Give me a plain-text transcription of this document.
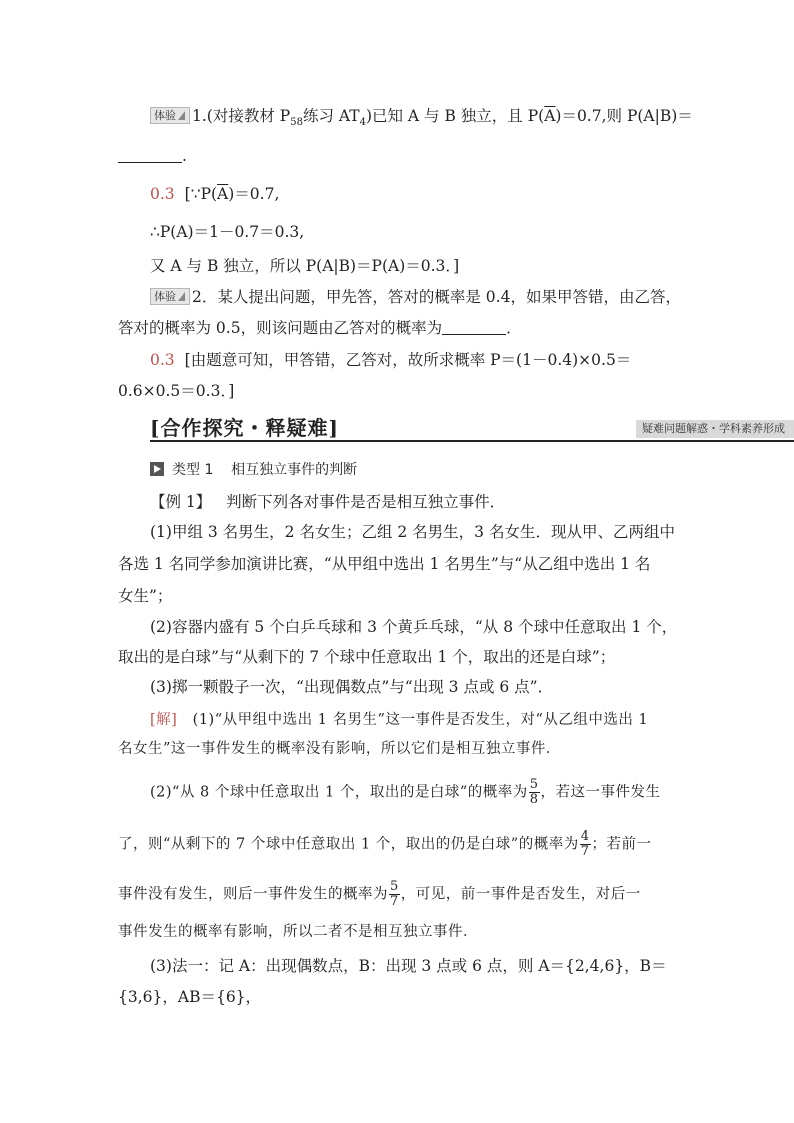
体验 1.(对接教材 $P_{58}$练习 $AT_4$)已知 A 与 B 独立，且 $P(\overline{A})=0.7$,则 P(A|B)＝
.
0.3 [$\because P(\overline{A})=0.7$,
∴P(A)＝1－0.7＝0.3,
又 A 与 B 独立，所以 P(A|B)＝P(A)＝0.3．]
体验 2．某人提出问题，甲先答，答对的概率是 0.4，如果甲答错，由乙答，
答对的概率为 0.5，则该问题由乙答对的概率为	．
0.3 [由题意可知，甲答错，乙答对，故所求概率 P＝(1－0.4)×0.5＝
0.6×0.5＝0.3．]
[合作探究・释疑难]	疑难问题解惑・学科素养形成
类型 1 相互独立事件的判断
【例 1】 判断下列各对事件是否是相互独立事件．
(1)甲组 3 名男生，2 名女生；乙组 2 名男生，3 名女生．现从甲、乙两组中
各选 1 名同学参加演讲比赛，“从甲组中选出 1 名男生”与“从乙组中选出 1 名
女生”；
(2)容器内盛有 5 个白乒乓球和 3 个黄乒乓球，“从 8 个球中任意取出 1 个，
取出的是白球”与“从剩下的 7 个球中任意取出 1 个，取出的还是白球”；
(3)掷一颗骰子一次，“出现偶数点”与“出现 3 点或 6 点”．
[解] (1)“从甲组中选出 1 名男生”这一事件是否发生，对“从乙组中选出 1
名女生”这一事件发生的概率没有影响，所以它们是相互独立事件．
(2)“从 8 个球中任意取出 1 个，取出的是白球”的概率为 $\frac{5}{8}$ ，若这一事件发生
了，则“从剩下的 7 个球中任意取出 1 个，取出的仍是白球”的概率为 $\frac{4}{7}$ ；若前一
事件没有发生，则后一事件发生的概率为 $\frac{5}{7}$ ，可见，前一事件是否发生，对后一
事件发生的概率有影响，所以二者不是相互独立事件．
(3)法一：记 A：出现偶数点，B：出现 3 点或 6 点，则 A＝{2,4,6}，B＝
{3,6}，AB＝{6}，
